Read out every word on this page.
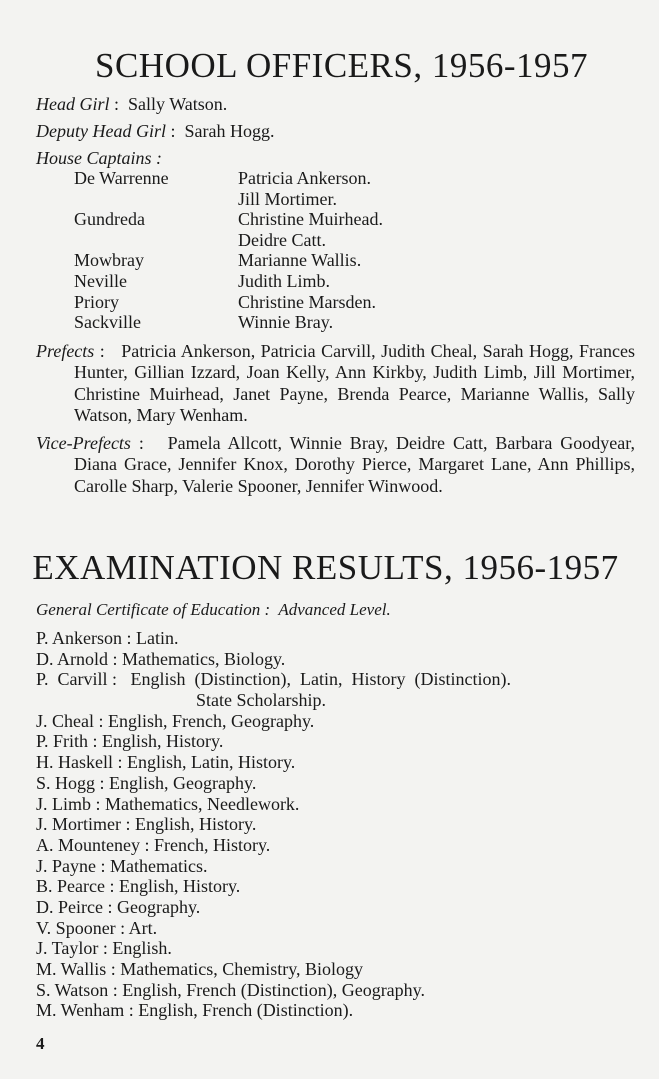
SCHOOL OFFICERS, 1956-1957
Head Girl :  Sally Watson.
Deputy Head Girl :  Sarah Hogg.
House Captains :
De Warrenne	Patricia Ankerson.
Jill Mortimer.
Gundreda	Christine Muirhead.
Deidre Catt.
Mowbray	Marianne Wallis.
Neville	Judith Limb.
Priory	Christine Marsden.
Sackville	Winnie Bray.
Prefects :   Patricia Ankerson, Patricia Carvill, Judith Cheal, Sarah Hogg, Frances Hunter, Gillian Izzard, Joan Kelly, Ann Kirkby, Judith Limb, Jill Mortimer, Christine Muirhead, Janet Payne, Brenda Pearce, Marianne Wallis, Sally Watson, Mary Wenham.
Vice-Prefects :   Pamela Allcott, Winnie Bray, Deidre Catt, Barbara Goodyear, Diana Grace, Jennifer Knox, Dorothy Pierce, Margaret Lane, Ann Phillips, Carolle Sharp, Valerie Spooner, Jennifer Winwood.
EXAMINATION RESULTS, 1956-1957
General Certificate of Education :  Advanced Level.
P. Ankerson : Latin.
D. Arnold : Mathematics, Biology.
P.  Carvill :   English  (Distinction),  Latin,  History  (Distinction).
State Scholarship.
J. Cheal : English, French, Geography.
P. Frith : English, History.
H. Haskell : English, Latin, History.
S. Hogg : English, Geography.
J. Limb : Mathematics, Needlework.
J. Mortimer : English, History.
A. Mounteney : French, History.
J. Payne : Mathematics.
B. Pearce : English, History.
D. Peirce : Geography.
V. Spooner : Art.
J. Taylor : English.
M. Wallis : Mathematics, Chemistry, Biology
S. Watson : English, French (Distinction), Geography.
M. Wenham : English, French (Distinction).
4
